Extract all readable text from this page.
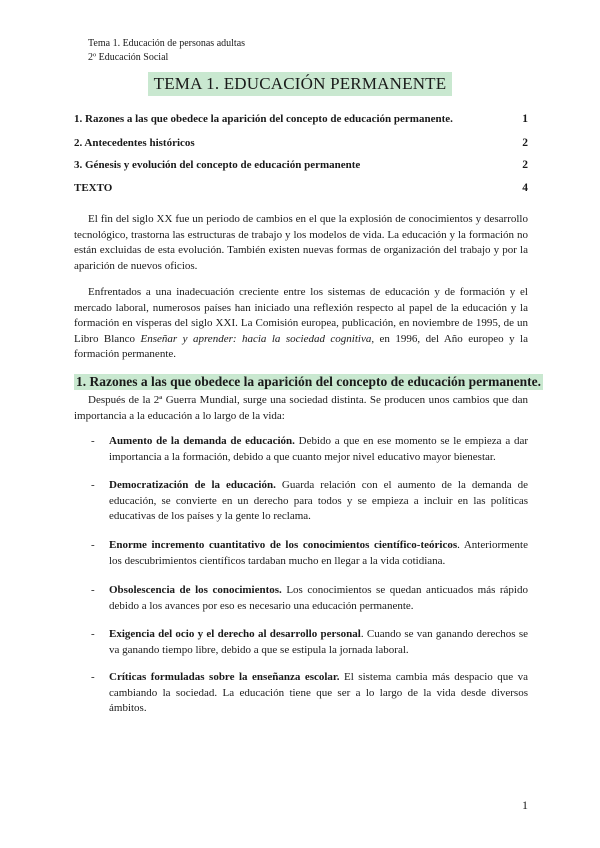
Tema 1. Educación de personas adultas
2º Educación Social
TEMA 1. EDUCACIÓN PERMANENTE
1. Razones a las que obedece la aparición del concepto de educación permanente.	1
2. Antecedentes históricos	2
3. Génesis y evolución del concepto de educación permanente	2
TEXTO	4

El fin del siglo XX fue un periodo de cambios en el que la explosión de conocimientos y desarrollo tecnológico, trastorna las estructuras de trabajo y los modelos de vida. La educación y la formación no están excluidas de esta evolución. También existen nuevas formas de organización del trabajo y por la aparición de nuevos oficios.

Enfrentados a una inadecuación creciente entre los sistemas de educación y de formación y el mercado laboral, numerosos países han iniciado una reflexión respecto al papel de la educación y la formación en vísperas del siglo XXI. La Comisión europea, publicación, en noviembre de 1995, de un Libro Blanco Enseñar y aprender: hacia la sociedad cognitiva, en 1996, del Año europeo y la formación permanente.

1. Razones a las que obedece la aparición del concepto de educación permanente.

Después de la 2ª Guerra Mundial, surge una sociedad distinta. Se producen unos cambios que dan importancia a la educación a lo largo de la vida:

- Aumento de la demanda de educación. Debido a que en ese momento se le empieza a dar importancia a la formación, debido a que cuanto mejor nivel educativo mayor bienestar.
- Democratización de la educación. Guarda relación con el aumento de la demanda de educación, se convierte en un derecho para todos y se empieza a incluir en las políticas educativas de los países y la gente lo reclama.
- Enorme incremento cuantitativo de los conocimientos científico-teóricos. Anteriormente los descubrimientos científicos tardaban mucho en llegar a la vida cotidiana.
- Obsolescencia de los conocimientos. Los conocimientos se quedan anticuados más rápido debido a los avances por eso es necesario una educación permanente.
- Exigencia del ocio y el derecho al desarrollo personal. Cuando se van ganando derechos se va ganando tiempo libre, debido a que se estipula la jornada laboral.
- Críticas formuladas sobre la enseñanza escolar. El sistema cambia más despacio que va cambiando la sociedad. La educación tiene que ser a lo largo de la vida desde diversos ámbitos.
1
